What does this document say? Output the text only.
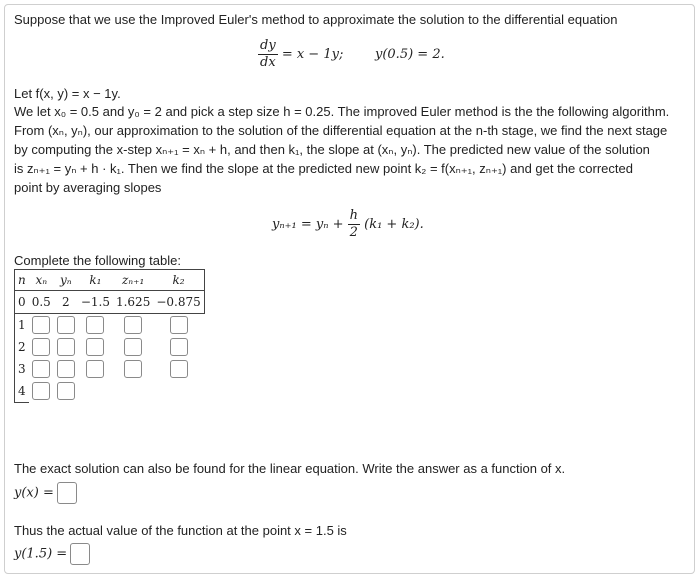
Suppose that we use the Improved Euler's method to approximate the solution to the differential equation
$\frac{dy}{dx} = x - 1y$; y(0.5) = 2.
Let f(x, y) = x − 1y.
We let x₀ = 0.5 and y₀ = 2 and pick a step size h = 0.25. The improved Euler method is the the following algorithm.
From (xₙ, yₙ), our approximation to the solution of the differential equation at the n-th stage, we find the next stage
by computing the x-step xₙ₊₁ = xₙ + h, and then k₁, the slope at (xₙ, yₙ). The predicted new value of the solution
is zₙ₊₁ = yₙ + h · k₁. Then we find the slope at the predicted new point k₂ = f(xₙ₊₁, zₙ₊₁) and get the corrected
point by averaging slopes
$y_{n+1} = y_n + \frac{h}{2} (k_1 + k_2)$.
Complete the following table:
n	xₙ	yₙ	k₁	zₙ₊₁	k₂
0	0.5	2	−1.5	1.625	−0.875
1					
2					
3					
4					
The exact solution can also be found for the linear equation. Write the answer as a function of x.
y(x) =
Thus the actual value of the function at the point x = 1.5 is
y(1.5) =
